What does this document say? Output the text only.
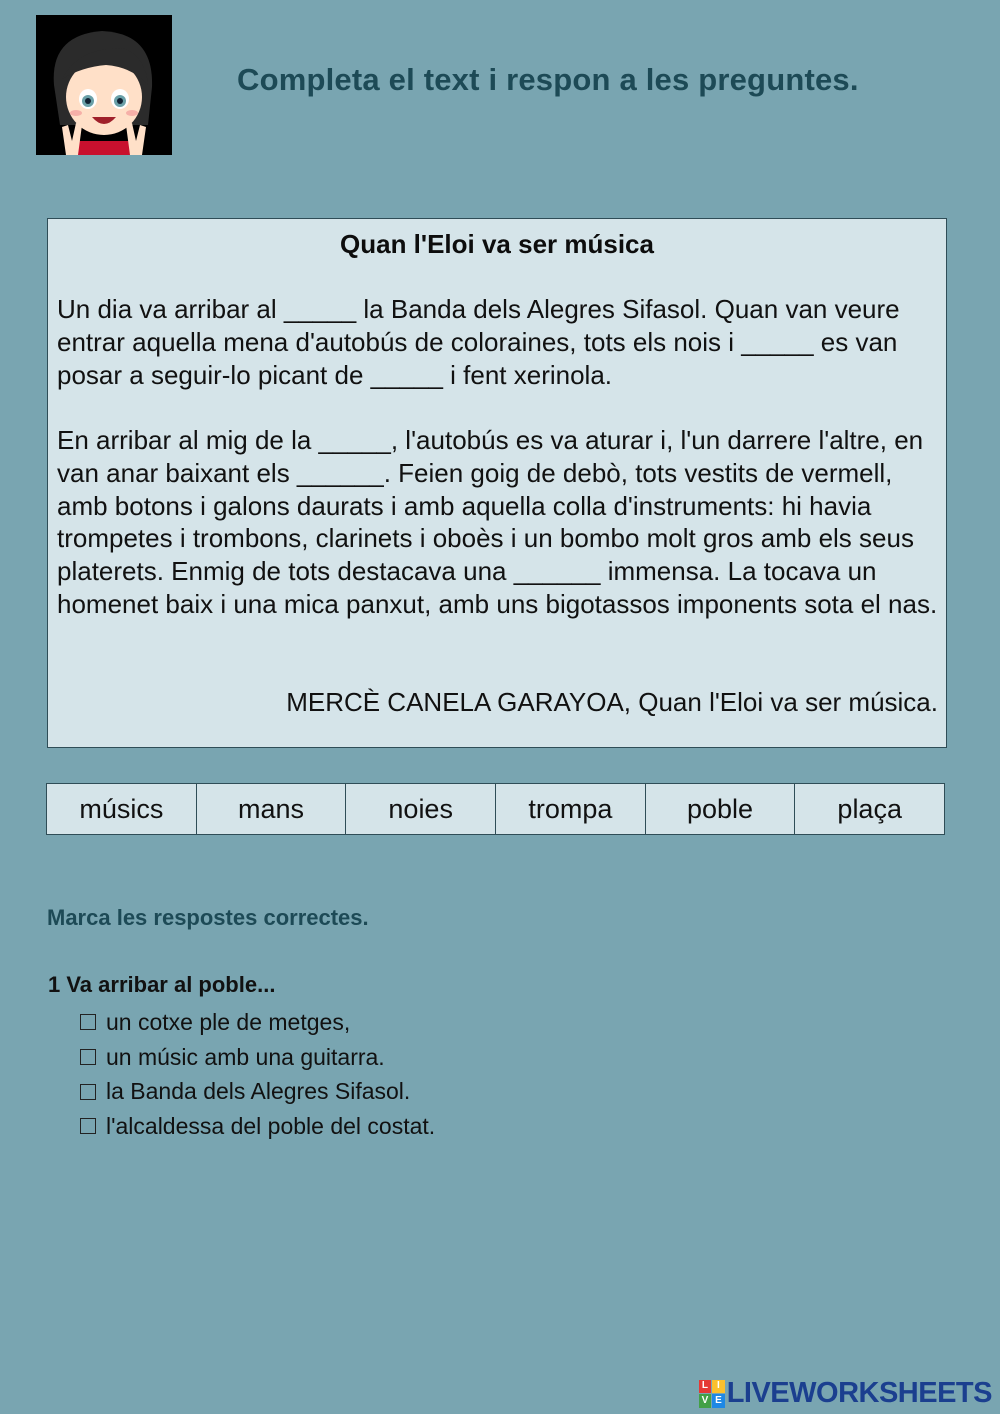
Completa el text i respon a les preguntes.
Quan l'Eloi va ser música

Un dia va arribar al _____ la Banda dels Alegres Sifasol. Quan van veure entrar aquella mena d'autobús de coloraines, tots els nois i _____ es van posar a seguir-lo picant de _____ i fent xerinola.

En arribar al mig de la _____, l'autobús es va aturar i, l'un darrere l'altre, en van anar baixant els ______. Feien goig de debò, tots vestits de vermell, amb botons i galons daurats i amb aquella colla d'instruments: hi havia trompetes i trombons, clarinets i oboès i un bombo molt gros amb els seus platerets. Enmig de tots destacava una ______ immensa. La tocava un homenet baix i una mica panxut, amb uns bigotassos imponents sota el nas.

MERCÈ CANELA GARAYOA, Quan l'Eloi va ser música.
músics	mans	noies	trompa	poble	plaça
Marca les respostes correctes.
1 Va arribar al poble...
un cotxe ple de metges,
un músic amb una guitarra.
la Banda dels Alegres Sifasol.
l'alcaldessa del poble del costat.
L I
V E LIVEWORKSHEETS
